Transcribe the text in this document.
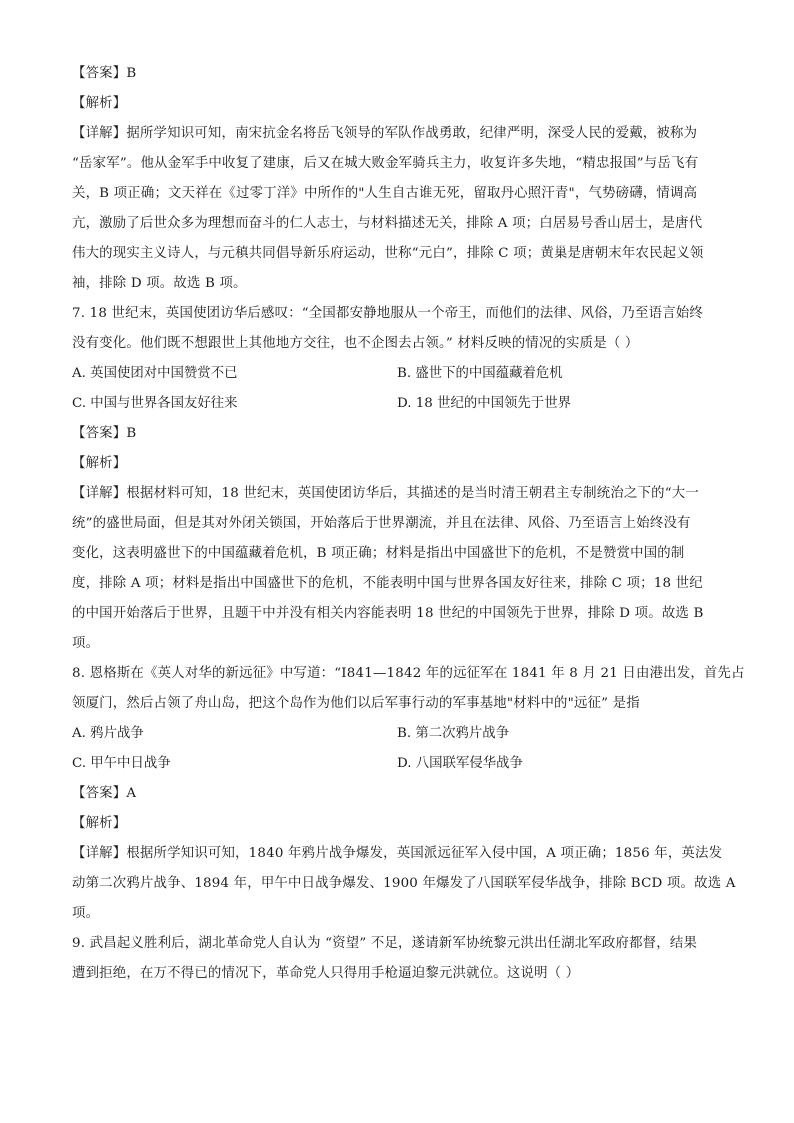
【答案】B
【解析】
【详解】据所学知识可知，南宋抗金名将岳飞领导的军队作战勇敢，纪律严明，深受人民的爱戴，被称为
“岳家军”。他从金军手中收复了建康，后又在城大败金军骑兵主力，收复许多失地，“精忠报国”与岳飞有
关，B 项正确；文天祥在《过零丁洋》中所作的"人生自古谁无死，留取丹心照汗青"，气势磅礴，情调高
亢，激励了后世众多为理想而奋斗的仁人志士，与材料描述无关，排除 A 项；白居易号香山居士，是唐代
伟大的现实主义诗人，与元稹共同倡导新乐府运动，世称“元白”，排除 C 项；黄巢是唐朝末年农民起义领
袖，排除 D 项。故选 B 项。
7. 18 世纪末，英国使团访华后感叹：“全国都安静地服从一个帝王，而他们的法律、风俗，乃至语言始终
没有变化。他们既不想跟世上其他地方交往，也不企图去占领。” 材料反映的情况的实质是（ ）
A. 英国使团对中国赞赏不已	B. 盛世下的中国蕴藏着危机
C. 中国与世界各国友好往来	D. 18 世纪的中国领先于世界
【答案】B
【解析】
【详解】根据材料可知，18 世纪末，英国使团访华后，其描述的是当时清王朝君主专制统治之下的“大一
统”的盛世局面，但是其对外闭关锁国，开始落后于世界潮流，并且在法律、风俗、乃至语言上始终没有
变化，这表明盛世下的中国蕴藏着危机，B 项正确；材料是指出中国盛世下的危机，不是赞赏中国的制
度，排除 A 项；材料是指出中国盛世下的危机，不能表明中国与世界各国友好往来，排除 C 项；18 世纪
的中国开始落后于世界，且题干中并没有相关内容能表明 18 世纪的中国领先于世界，排除 D 项。故选 B
项。
8. 恩格斯在《英人对华的新远征》中写道：“I841—1842 年的远征军在 1841 年 8 月 21 日由港出发，首先占
领厦门，然后占领了舟山岛，把这个岛作为他们以后军事行动的军事基地"材料中的"远征” 是指
A. 鸦片战争	B. 第二次鸦片战争
C. 甲午中日战争	D. 八国联军侵华战争
【答案】A
【解析】
【详解】根据所学知识可知，1840 年鸦片战争爆发，英国派远征军入侵中国，A 项正确；1856 年，英法发
动第二次鸦片战争、1894 年，甲午中日战争爆发、1900 年爆发了八国联军侵华战争，排除 BCD 项。故选 A
项。
9. 武昌起义胜利后，湖北革命党人自认为 “资望” 不足，遂请新军协统黎元洪出任湖北军政府都督，结果
遭到拒绝，在万不得已的情况下，革命党人只得用手枪逼迫黎元洪就位。这说明（ ）
